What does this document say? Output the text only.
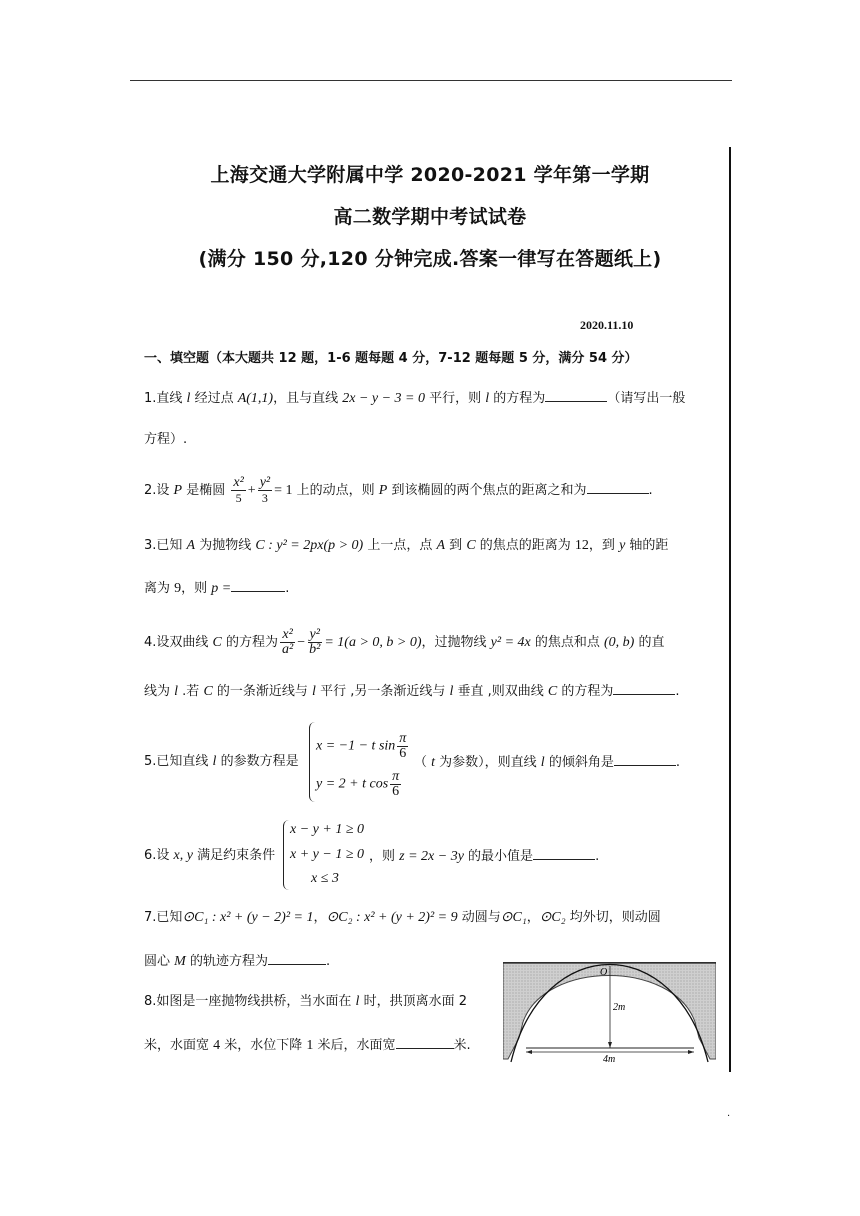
上海交通大学附属中学 2020-2021 学年第一学期
高二数学期中考试试卷
(满分 150 分,120 分钟完成.答案一律写在答题纸上)
2020.11.10
一、填空题（本大题共 12 题，1-6 题每题 4 分，7-12 题每题 5 分，满分 54 分）
1.直线 l 经过点 A(1,1)，且与直线 2x − y − 3 = 0 平行，则 l 的方程为	（请写出一般
方程）.
2.设 P 是椭圆 $\frac{\text{x²}}{5} + \frac{\text{y²}}{3} = 1$ 上的动点，则 P 到该椭圆的两个焦点的距离之和为	.
3.已知 A 为抛物线 C : y² = 2px(p > 0) 上一点，点 A 到 C 的焦点的距离为 12，到 y 轴的距
离为 9，则 p =	.
4.设双曲线 C 的方程为 $\frac{\text{x²}}{\text{a²}} - \frac{\text{y²}}{\text{b²}} = 1(a > 0$, b > 0)，过抛物线 y² = 4x 的焦点和点 (0, b) 的直
线为 l .若 C 的一条渐近线与 l 平行 ,另一条渐近线与 l 垂直 ,则双曲线 C 的方程为	.
5.已知直线 l 的参数方程是
x = −1 − t $\sin \frac{\pi}{6}$
y = 2 + t $\cos \frac{\pi}{6}$
（ t 为参数），则直线 l 的倾斜角是	.
6.设 x, y 满足约束条件
x − y + 1 ≥ 0
x + y − 1 ≥ 0
x ≤ 3
，则 z = 2x − 3y 的最小值是	.
7.已知⊙C₁ : x² + (y − 2)² = 1，⊙C₂ : x² + (y + 2)² = 9 动圆与⊙C₁，⊙C₂ 均外切，则动圆
圆心 M 的轨迹方程为	.
8.如图是一座抛物线拱桥，当水面在 l 时，拱顶离水面 2
米，水面宽 4 米，水位下降 1 米后，水面宽	米.
O
2m
4m
.
